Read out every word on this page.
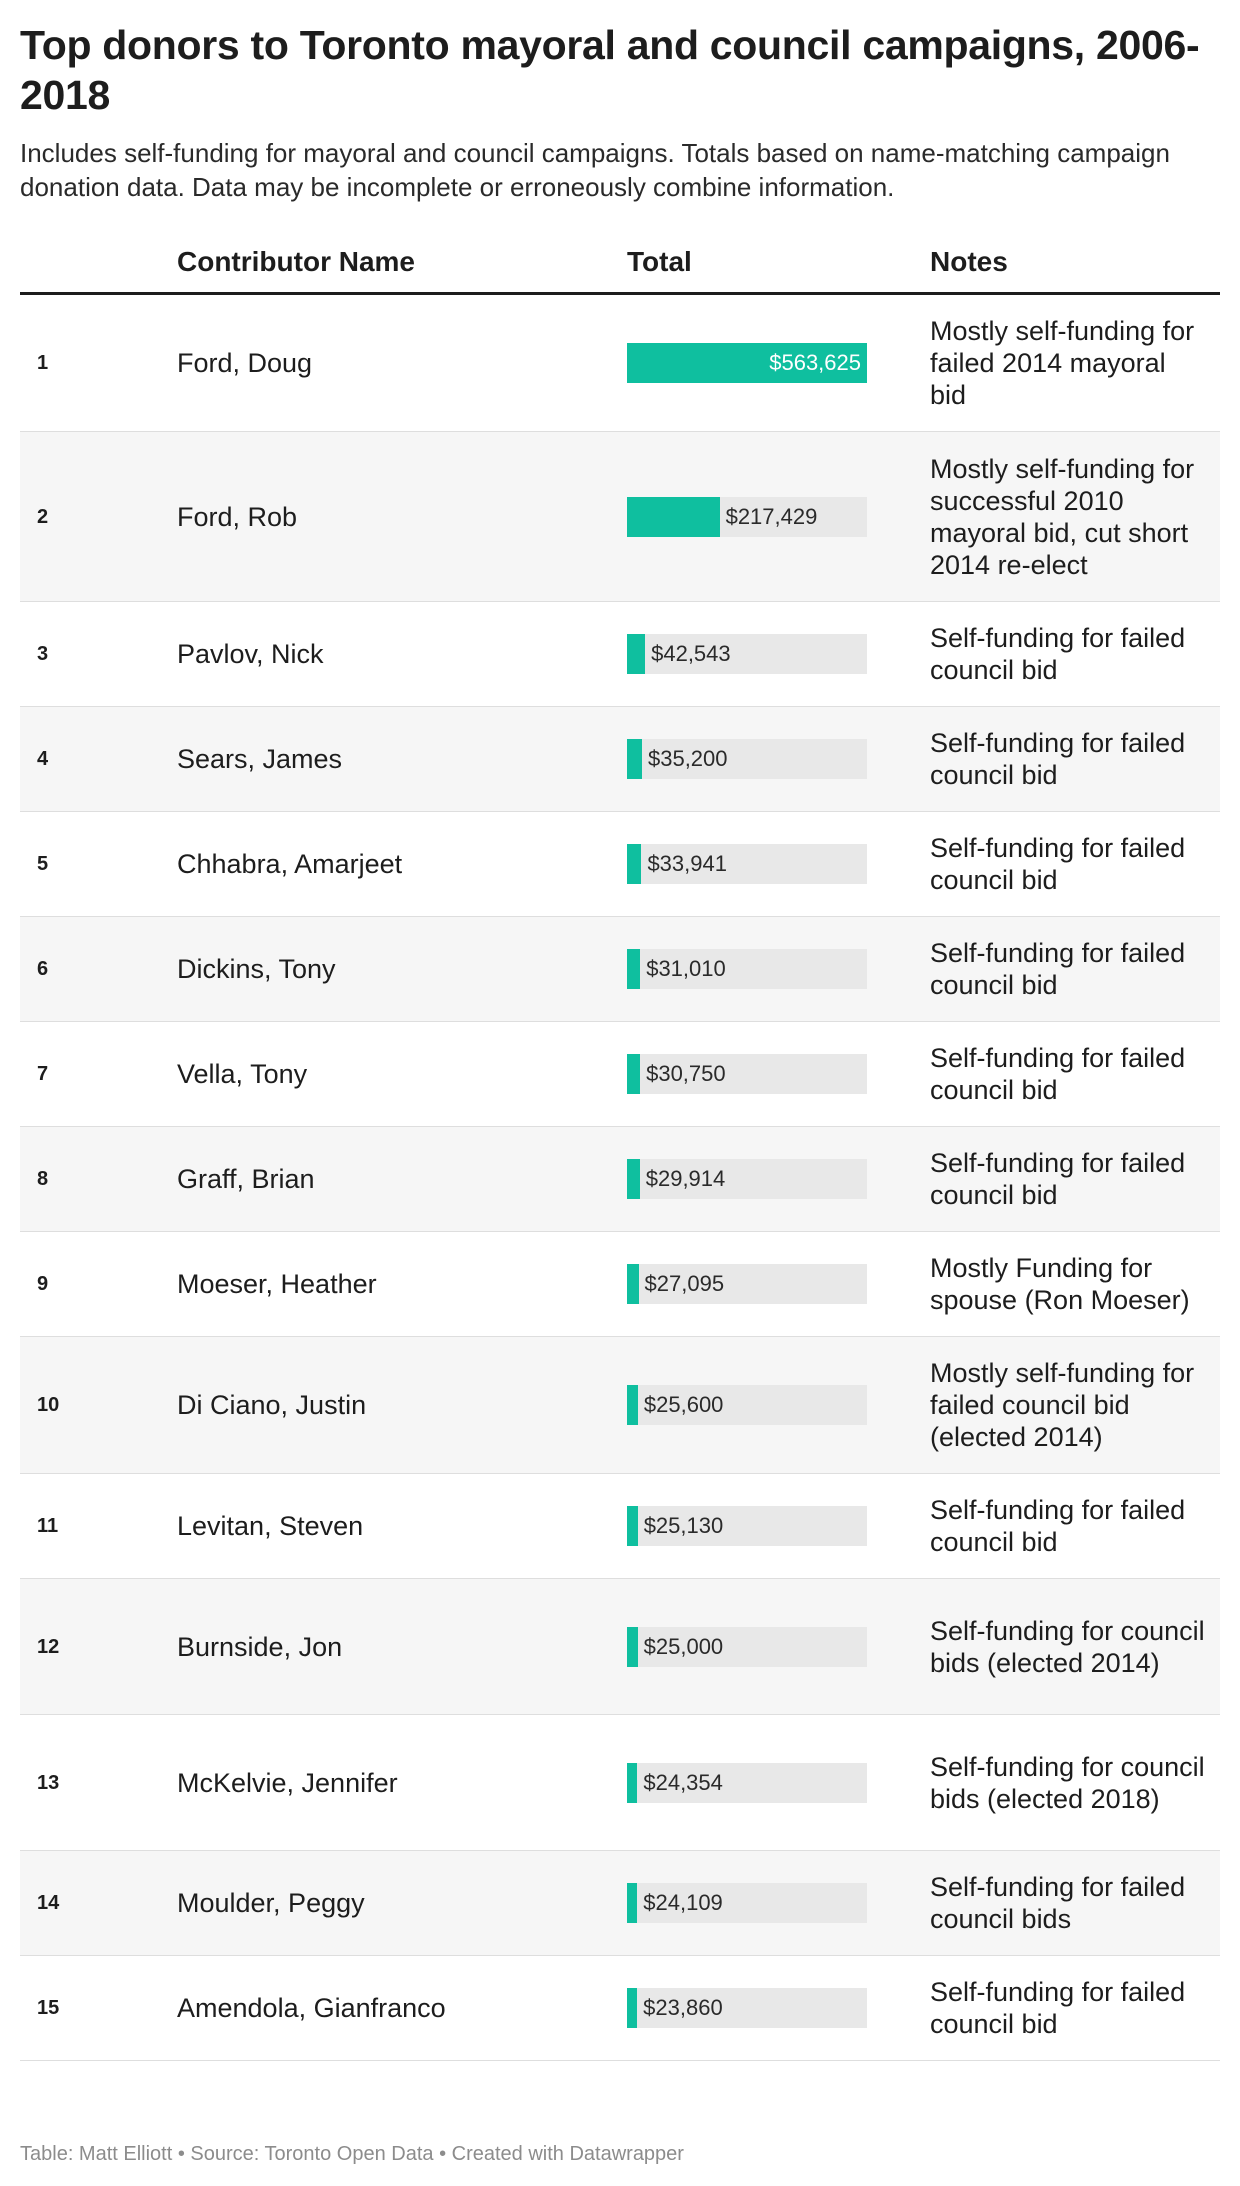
Top donors to Toronto mayoral and council campaigns, 2006-2018

Includes self-funding for mayoral and council campaigns. Totals based on name-matching campaign donation data. Data may be incomplete or erroneously combine information.

	Contributor Name	Total	Notes
1	Ford, Doug	$563,625	Mostly self-funding for failed 2014 mayoral bid
2	Ford, Rob	$217,429	Mostly self-funding for successful 2010 mayoral bid, cut short 2014 re-elect
3	Pavlov, Nick	$42,543	Self-funding for failed council bid
4	Sears, James	$35,200	Self-funding for failed council bid
5	Chhabra, Amarjeet	$33,941	Self-funding for failed council bid
6	Dickins, Tony	$31,010	Self-funding for failed council bid
7	Vella, Tony	$30,750	Self-funding for failed council bid
8	Graff, Brian	$29,914	Self-funding for failed council bid
9	Moeser, Heather	$27,095	Mostly Funding for spouse (Ron Moeser)
10	Di Ciano, Justin	$25,600	Mostly self-funding for failed council bid (elected 2014)
11	Levitan, Steven	$25,130	Self-funding for failed council bid
12	Burnside, Jon	$25,000	Self-funding for council bids (elected 2014)
13	McKelvie, Jennifer	$24,354	Self-funding for council bids (elected 2018)
14	Moulder, Peggy	$24,109	Self-funding for failed council bids
15	Amendola, Gianfranco	$23,860	Self-funding for failed council bid
Table: Matt Elliott • Source: Toronto Open Data • Created with Datawrapper
